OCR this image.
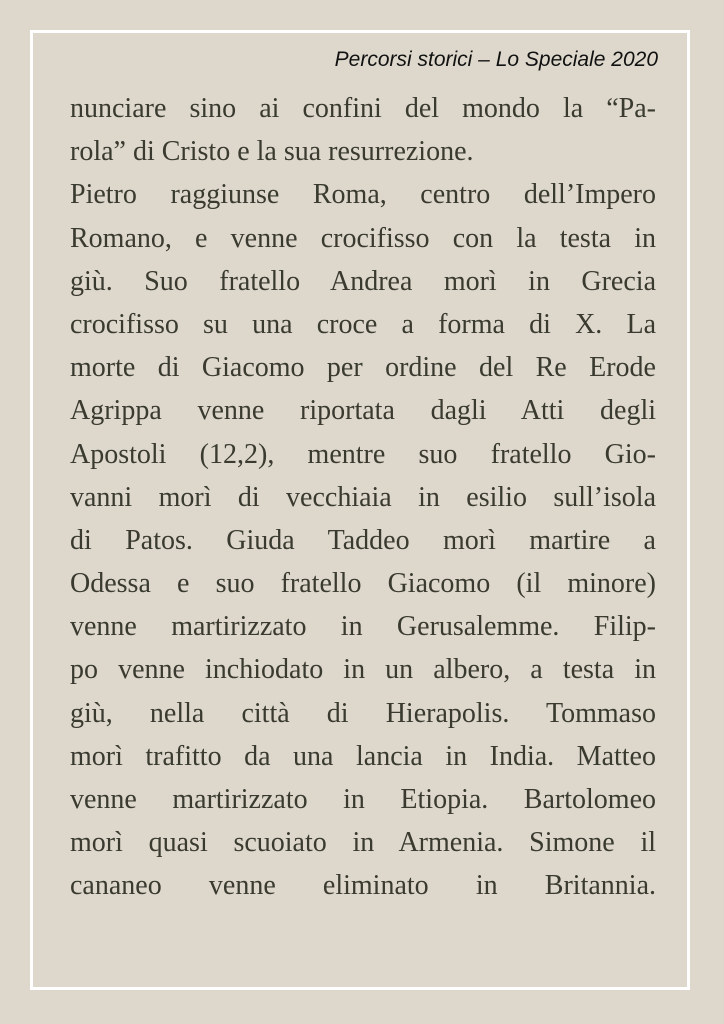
Percorsi storici – Lo Speciale 2020
nunciare sino ai confini del mondo la “Pa-
rola” di Cristo e la sua resurrezione.
Pietro raggiunse Roma, centro dell’Impero
Romano, e venne crocifisso con la testa in
giù. Suo fratello Andrea morì in Grecia
crocifisso su una croce a forma di X. La
morte di Giacomo per ordine del Re Erode
Agrippa venne riportata dagli Atti degli
Apostoli (12,2), mentre suo fratello Gio-
vanni morì di vecchiaia in esilio sull’isola
di Patos. Giuda Taddeo morì martire a
Odessa e suo fratello Giacomo (il minore)
venne martirizzato in Gerusalemme. Filip-
po venne inchiodato in un albero, a testa in
giù, nella città di Hierapolis. Tommaso
morì trafitto da una lancia in India. Matteo
venne martirizzato in Etiopia. Bartolomeo
morì quasi scuoiato in Armenia. Simone il
cananeo venne eliminato in Britannia.
